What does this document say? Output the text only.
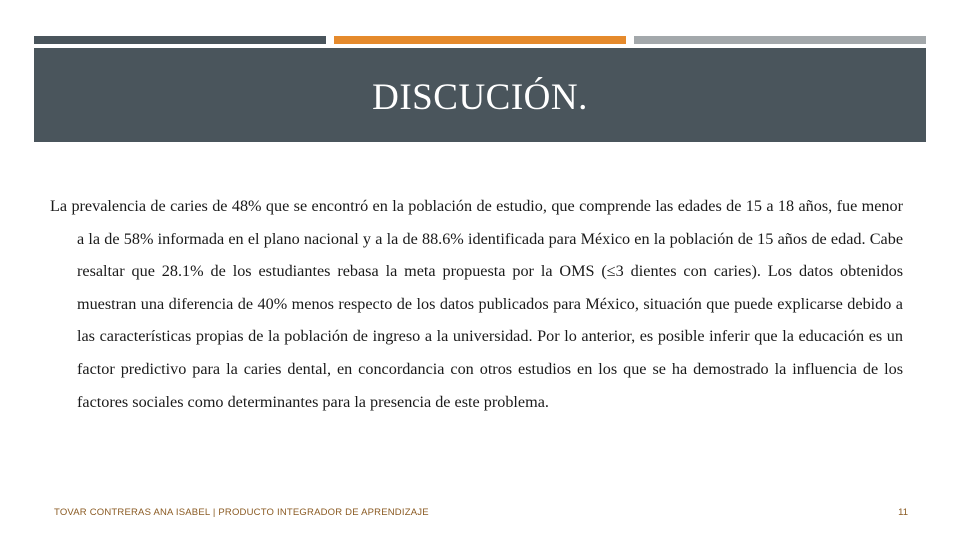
DISCUCIÓN.

La prevalencia de caries de 48% que se encontró en la población de estudio, que comprende las edades de 15 a 18 años, fue menor a la de 58% informada en el plano nacional y a la de 88.6% identificada para México en la población de 15 años de edad. Cabe resaltar que 28.1% de los estudiantes rebasa la meta propuesta por la OMS (≤3 dientes con caries). Los datos obtenidos muestran una diferencia de 40% menos respecto de los datos publicados para México, situación que puede explicarse debido a las características propias de la población de ingreso a la universidad. Por lo anterior, es posible inferir que la educación es un factor predictivo para la caries dental, en concordancia con otros estudios en los que se ha demostrado la influencia de los factores sociales como determinantes para la presencia de este problema.

TOVAR CONTRERAS ANA ISABEL | PRODUCTO INTEGRADOR DE APRENDIZAJE	11
